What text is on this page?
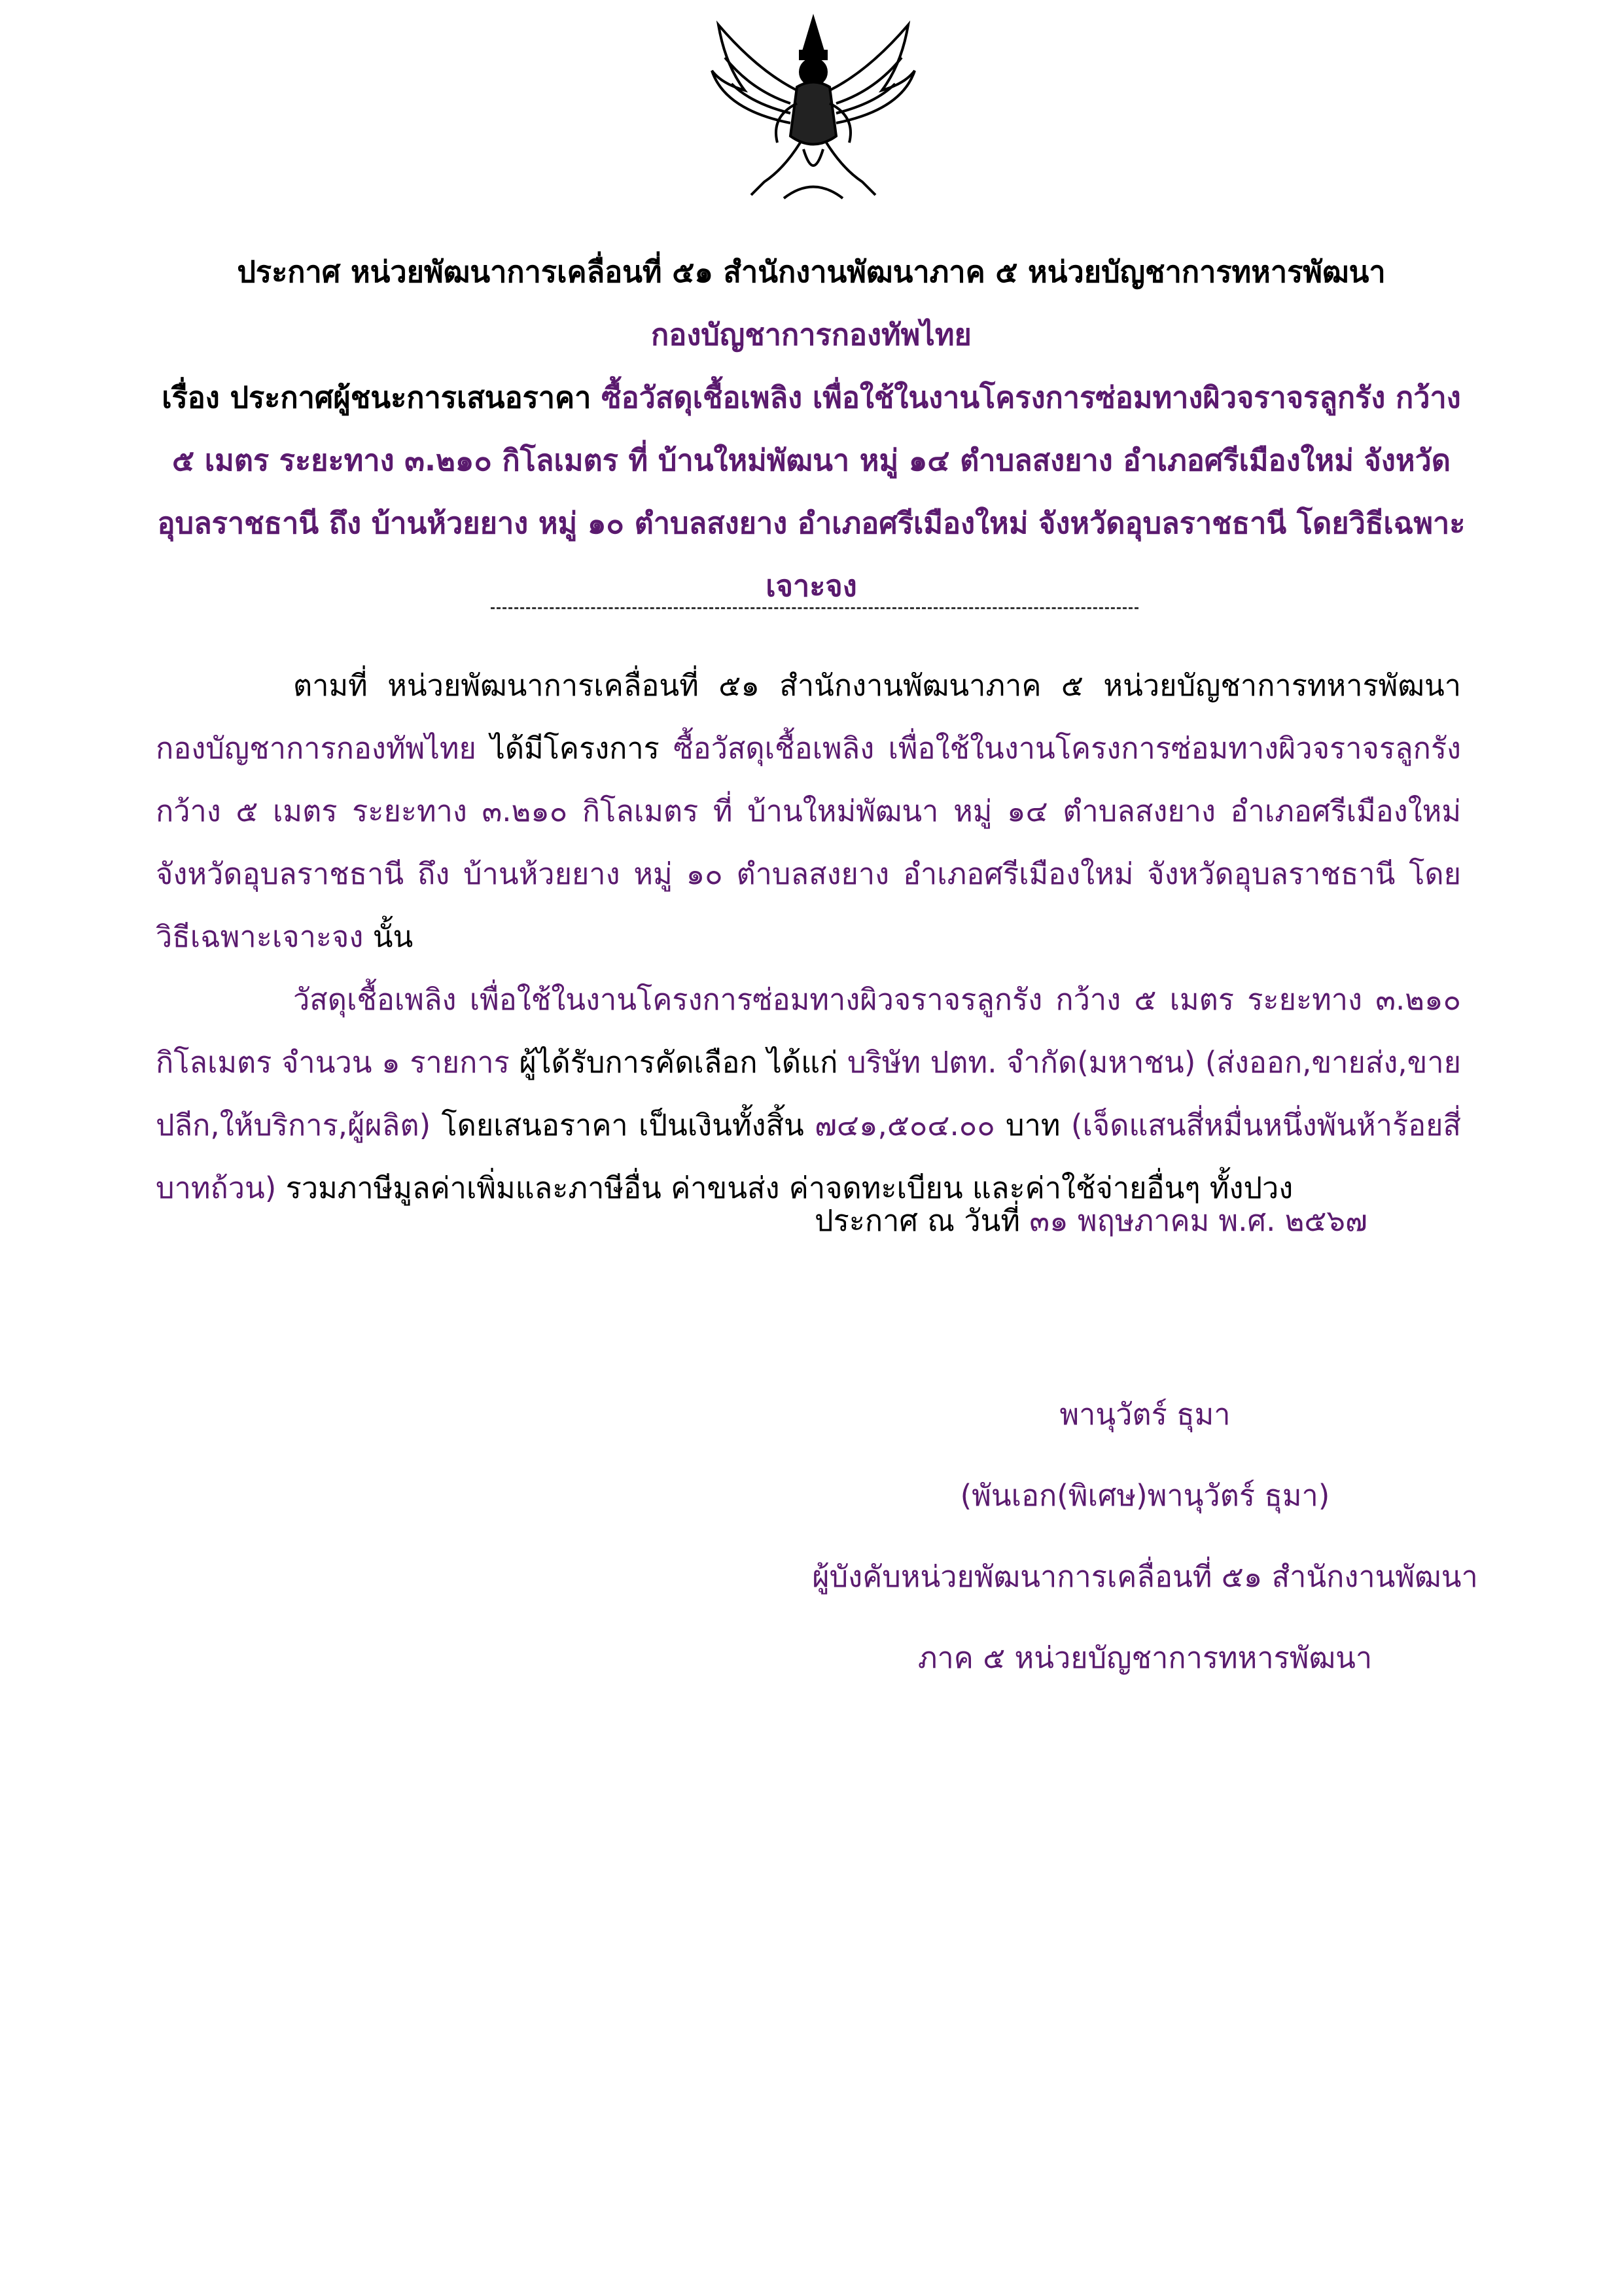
ประกาศ หน่วยพัฒนาการเคลื่อนที่ ๕๑ สำนักงานพัฒนาภาค ๕ หน่วยบัญชาการทหารพัฒนา

กองบัญชาการกองทัพไทย

เรื่อง ประกาศผู้ชนะการเสนอราคา ซื้อวัสดุเชื้อเพลิง เพื่อใช้ในงานโครงการซ่อมทางผิวจราจรลูกรัง กว้าง ๕ เมตร ระยะทาง ๓.๒๑๐ กิโลเมตร ที่ บ้านใหม่พัฒนา หมู่ ๑๔ ตำบลสงยาง อำเภอศรีเมืองใหม่ จังหวัดอุบลราชธานี ถึง บ้านห้วยยาง หมู่ ๑๐ ตำบลสงยาง อำเภอศรีเมืองใหม่ จังหวัดอุบลราชธานี โดยวิธีเฉพาะเจาะจง

ตามที่ หน่วยพัฒนาการเคลื่อนที่ ๕๑ สำนักงานพัฒนาภาค ๕ หน่วยบัญชาการทหารพัฒนา กองบัญชาการกองทัพไทย ได้มีโครงการ ซื้อวัสดุเชื้อเพลิง เพื่อใช้ในงานโครงการซ่อมทางผิวจราจรลูกรัง กว้าง ๕ เมตร ระยะทาง ๓.๒๑๐ กิโลเมตร ที่ บ้านใหม่พัฒนา หมู่ ๑๔ ตำบลสงยาง อำเภอศรีเมืองใหม่ จังหวัดอุบลราชธานี ถึง บ้านห้วยยาง หมู่ ๑๐ ตำบลสงยาง อำเภอศรีเมืองใหม่ จังหวัดอุบลราชธานี โดยวิธีเฉพาะเจาะจง นั้น

วัสดุเชื้อเพลิง เพื่อใช้ในงานโครงการซ่อมทางผิวจราจรลูกรัง กว้าง ๕ เมตร ระยะทาง ๓.๒๑๐ กิโลเมตร จำนวน ๑ รายการ ผู้ได้รับการคัดเลือก ได้แก่ บริษัท ปตท. จำกัด(มหาชน) (ส่งออก,ขายส่ง,ขายปลีก,ให้บริการ,ผู้ผลิต) โดยเสนอราคา เป็นเงินทั้งสิ้น ๗๔๑,๕๐๔.๐๐ บาท (เจ็ดแสนสี่หมื่นหนึ่งพันห้าร้อยสี่บาทถ้วน) รวมภาษีมูลค่าเพิ่มและภาษีอื่น ค่าขนส่ง ค่าจดทะเบียน และค่าใช้จ่ายอื่นๆ ทั้งปวง

ประกาศ ณ วันที่ ๓๑ พฤษภาคม พ.ศ. ๒๕๖๗

พานุวัตร์ ธุมา

(พันเอก(พิเศษ)พานุวัตร์ ธุมา)

ผู้บังคับหน่วยพัฒนาการเคลื่อนที่ ๕๑ สำนักงานพัฒนา

ภาค ๕ หน่วยบัญชาการทหารพัฒนา
